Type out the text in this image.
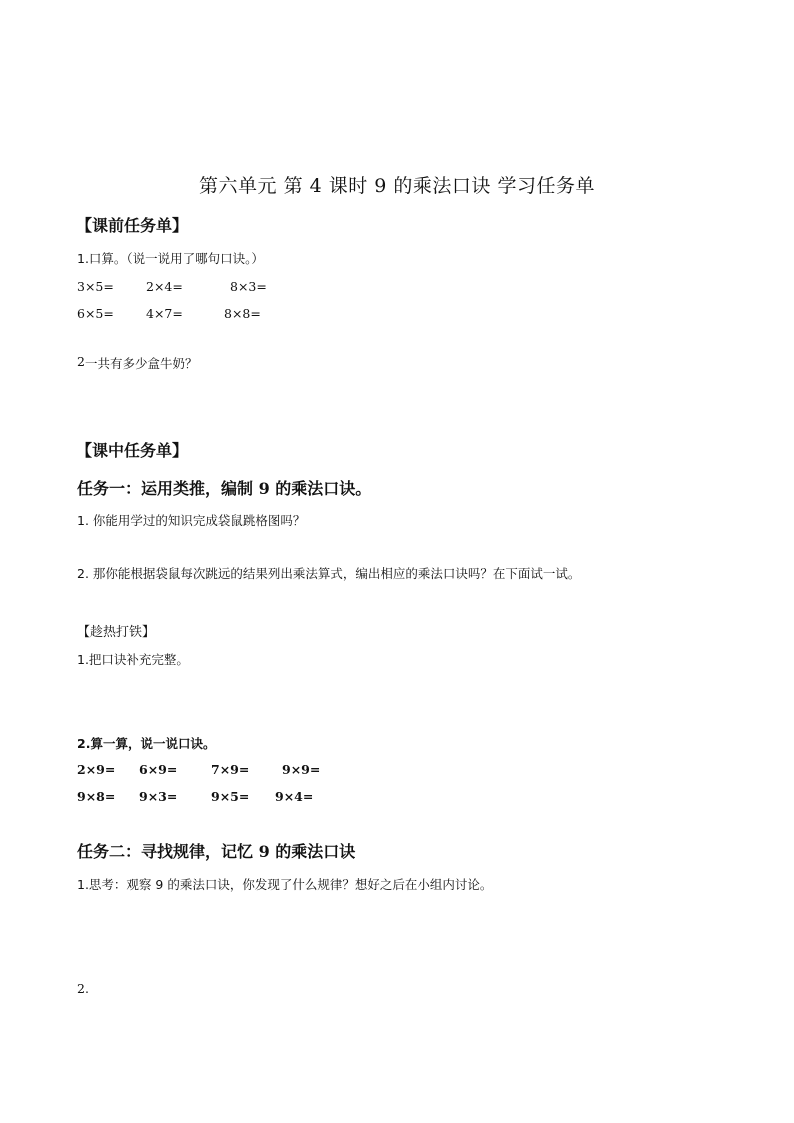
第六单元 第 4 课时 9 的乘法口诀 学习任务单
【课前任务单】
1.口算。（说一说用了哪句口诀。）
3×5=	2×4=	8×3=
6×5=	4×7=	8×8=
2 一共有多少盒牛奶？
【课中任务单】
任务一：运用类推，编制 9 的乘法口诀。
1. 你能用学过的知识完成袋鼠跳格图吗？
2. 那你能根据袋鼠每次跳远的结果列出乘法算式，编出相应的乘法口诀吗？在下面试一试。
【趁热打铁】
1.把口诀补充完整。
2.算一算，说一说口诀。
2×9= 6×9=	7×9=	9×9=
9×8= 9×3=	9×5= 9×4=
任务二：寻找规律，记忆 9 的乘法口诀
1.思考：观察 9 的乘法口诀，你发现了什么规律？想好之后在小组内讨论。
2.
